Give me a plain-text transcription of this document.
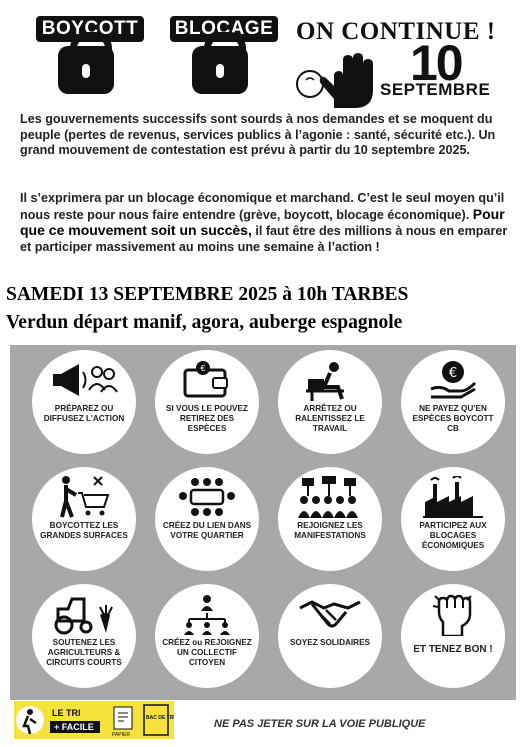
BOYCOTT	BLOCAGE ON CONTINUE !
10
SEPTEMBRE
Les gouvernements successifs sont sourds à nos demandes et se moquent du peuple (pertes de revenus, services publics à l’agonie : santé, sécurité etc.). Un grand mouvement de contestation est prévu à partir du 10 septembre 2025.
Il s’exprimera par un blocage économique et marchand. C’est le seul moyen qu’il nous reste pour nous faire entendre (grève, boycott, blocage économique). Pour que ce mouvement soit un succès, il faut être des millions à nous en emparer et participer massivement au moins une semaine à l’action !
SAMEDI 13 SEPTEMBRE 2025 à 10h TARBES
Verdun départ manif, agora, auberge espagnole
PRÉPAREZ OU DIFFUSEZ L’ACTION
€
SI VOUS LE POUVEZ RETIREZ DES ESPÈCES
ARRÊTEZ OU RALENTISSEZ LE TRAVAIL
€
NE PAYEZ QU’EN ESPÈCES BOYCOTT CB
BOYCOTTEZ LES GRANDES SURFACES
CRÉEZ DU LIEN DANS VOTRE QUARTIER
REJOIGNEZ LES MANIFESTATIONS
PARTICIPEZ AUX BLOCAGES ÉCONOMIQUES
SOUTENEZ LES AGRICULTEURS & CIRCUITS COURTS
CRÉEZ ou REJOIGNEZ UN COLLECTIF CITOYEN
SOYEZ SOLIDAIRES
ET TENEZ BON !
LE TRI
+ FACILE
PAPIER
BAC DE TRI	NE PAS JETER SUR LA VOIE PUBLIQUE
